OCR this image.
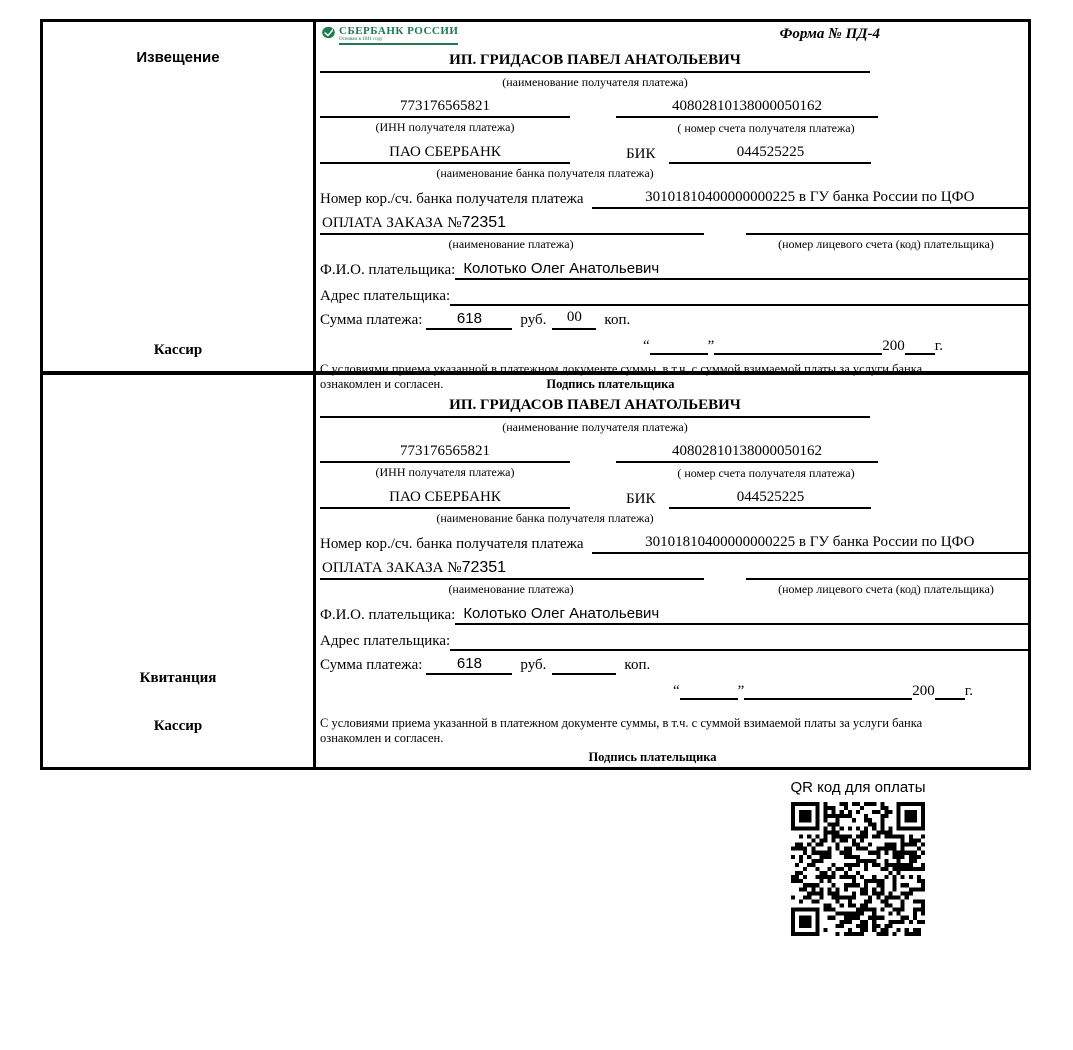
Извещение
Кассир
СБЕРБАНК РОССИИ
Основан в 1841 году	Форма № ПД-4
ИП. ГРИДАСОВ ПАВЕЛ АНАТОЛЬЕВИЧ
(наименование получателя платежа)
773176565821	40802810138000050162
(ИНН получателя платежа)	( номер счета получателя платежа)
ПАО СБЕРБАНК	БИК	044525225
(наименование банка получателя платежа)
Номер кор./сч. банка получателя платежа	30101810400000000225 в ГУ банка России по ЦФО
ОПЛАТА ЗАКАЗА №72351
(наименование платежа)	(номер лицевого счета (код) плательщика)
Ф.И.О. плательщика: Колотько Олег Анатольевич
Адрес плательщика:
Сумма платежа:	618	руб.	00	коп.
“	”	200 г.
С условиями приема указанной в платежном документе суммы, в т.ч. с суммой взимаемой платы за услуги банка
ознакомлен и согласен.	Подпись плательщика
Квитанция
Кассир
ИП. ГРИДАСОВ ПАВЕЛ АНАТОЛЬЕВИЧ
(наименование получателя платежа)
773176565821	40802810138000050162
(ИНН получателя платежа)	( номер счета получателя платежа)
ПАО СБЕРБАНК	БИК	044525225
(наименование банка получателя платежа)
Номер кор./сч. банка получателя платежа	30101810400000000225 в ГУ банка России по ЦФО
ОПЛАТА ЗАКАЗА №72351
(наименование платежа)	(номер лицевого счета (код) плательщика)
Ф.И.О. плательщика: Колотько Олег Анатольевич
Адрес плательщика:
Сумма платежа:	618	руб.	коп.
“	”	200 г.
С условиями приема указанной в платежном документе суммы, в т.ч. с суммой взимаемой платы за услуги банка
ознакомлен и согласен.
Подпись плательщика
QR код для оплаты
